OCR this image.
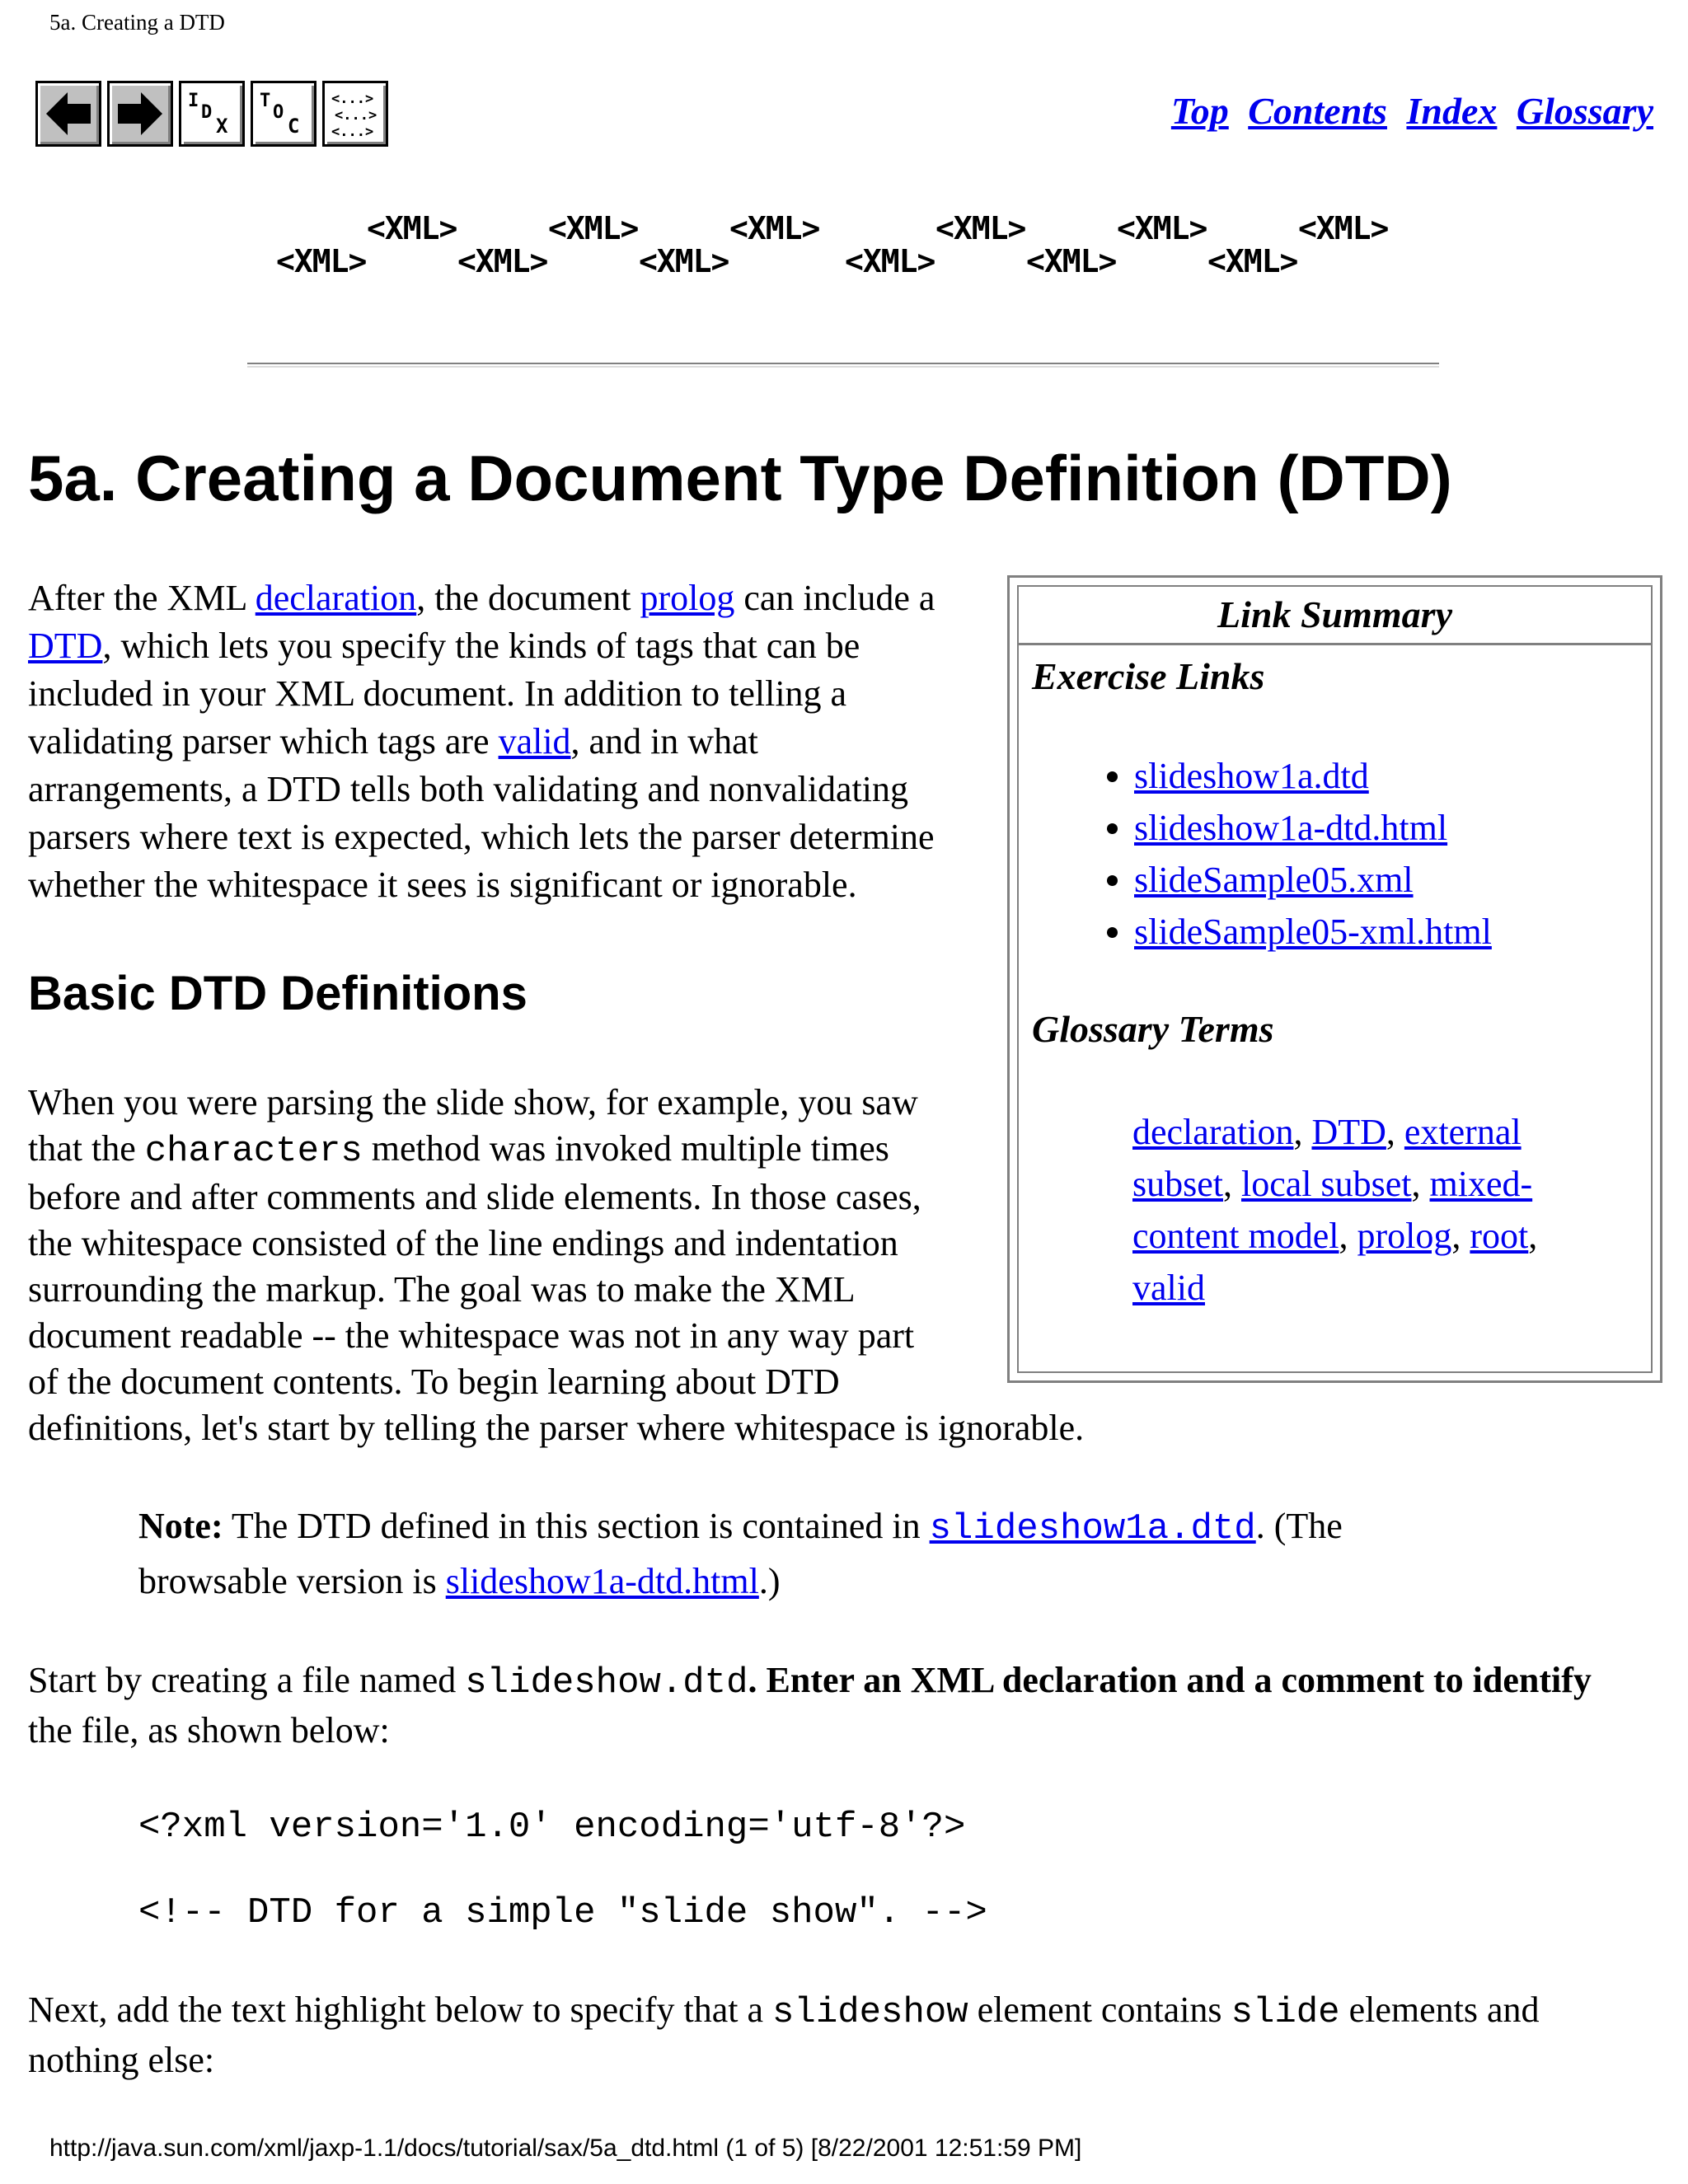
5a. Creating a DTD
I
D
X
T
O
C
<...>
<...>
<...>	Top Contents Index Glossary
<XML>
<XML>
<XML>
<XML>
<XML>
<XML>
<XML>
<XML>
<XML>
<XML>
<XML>
<XML>
5a. Creating a Document Type Definition (DTD)
After the XML declaration, the document prolog can include a
DTD, which lets you specify the kinds of tags that can be
included in your XML document. In addition to telling a
validating parser which tags are valid, and in what
arrangements, a DTD tells both validating and nonvalidating
parsers where text is expected, which lets the parser determine
whether the whitespace it sees is significant or ignorable.
Basic DTD Definitions
When you were parsing the slide show, for example, you saw
that the characters method was invoked multiple times
before and after comments and slide elements. In those cases,
the whitespace consisted of the line endings and indentation
surrounding the markup. The goal was to make the XML
document readable -- the whitespace was not in any way part
of the document contents. To begin learning about DTD
definitions, let's start by telling the parser where whitespace is ignorable.
Link Summary
Exercise Links
• slideshow1a.dtd
• slideshow1a-dtd.html
• slideSample05.xml
• slideSample05-xml.html
Glossary Terms
declaration, DTD, external subset, local subset, mixed-content model, prolog, root, valid
Note: The DTD defined in this section is contained in slideshow1a.dtd. (The
browsable version is slideshow1a-dtd.html.)
Start by creating a file named slideshow.dtd. Enter an XML declaration and a comment to identify
the file, as shown below:
<?xml version='1.0' encoding='utf-8'?>
<!-- DTD for a simple "slide show". -->
Next, add the text highlight below to specify that a slideshow element contains slide elements and
nothing else:
http://java.sun.com/xml/jaxp-1.1/docs/tutorial/sax/5a_dtd.html (1 of 5) [8/22/2001 12:51:59 PM]
